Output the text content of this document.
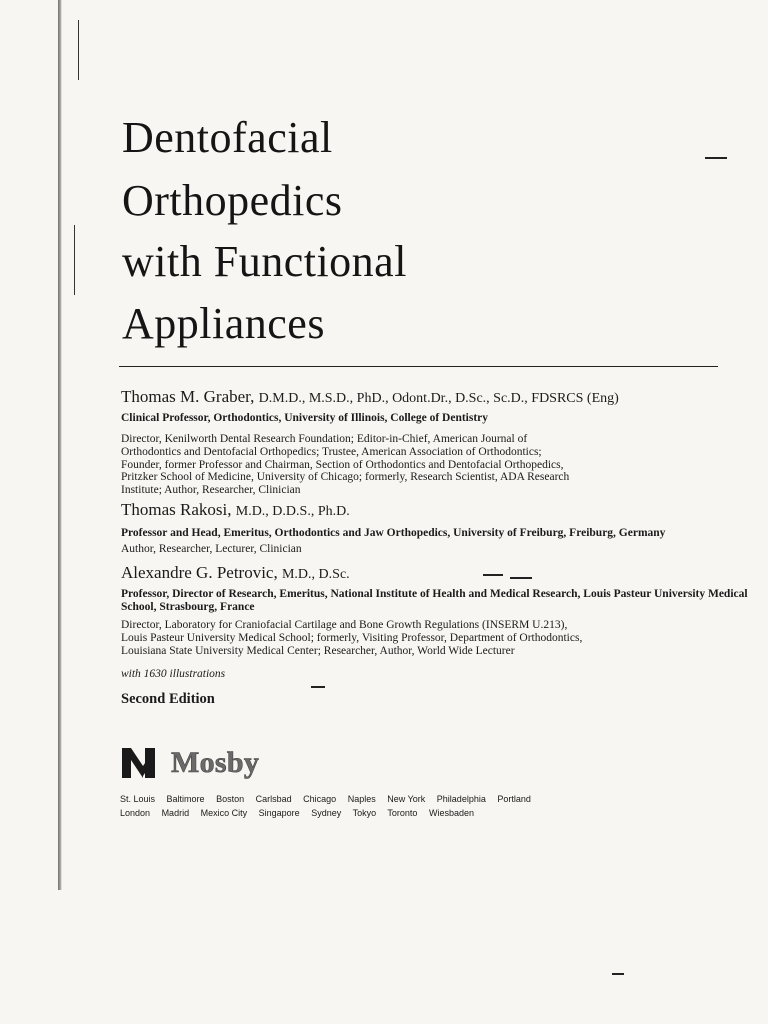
Dentofacial
Orthopedics
with Functional
Appliances
Thomas M. Graber, D.M.D., M.S.D., PhD., Odont.Dr., D.Sc., Sc.D., FDSRCS (Eng)
Clinical Professor, Orthodontics, University of Illinois, College of Dentistry
Director, Kenilworth Dental Research Foundation; Editor-in-Chief, American Journal of
Orthodontics and Dentofacial Orthopedics; Trustee, American Association of Orthodontics;
Founder, former Professor and Chairman, Section of Orthodontics and Dentofacial Orthopedics,
Pritzker School of Medicine, University of Chicago; formerly, Research Scientist, ADA Research
Institute; Author, Researcher, Clinician
Thomas Rakosi, M.D., D.D.S., Ph.D.
Professor and Head, Emeritus, Orthodontics and Jaw Orthopedics, University of Freiburg, Freiburg, Germany
Author, Researcher, Lecturer, Clinician
Alexandre G. Petrovic, M.D., D.Sc.
Professor, Director of Research, Emeritus, National Institute of Health and Medical Research, Louis Pasteur University Medical
School, Strasbourg, France
Director, Laboratory for Craniofacial Cartilage and Bone Growth Regulations (INSERM U.213),
Louis Pasteur University Medical School; formerly, Visiting Professor, Department of Orthodontics,
Louisiana State University Medical Center; Researcher, Author, World Wide Lecturer
with 1630 illustrations
Second Edition
Mosby
St. Louis Baltimore Boston Carlsbad Chicago Naples New York Philadelphia Portland
London Madrid Mexico City Singapore Sydney Tokyo Toronto Wiesbaden
